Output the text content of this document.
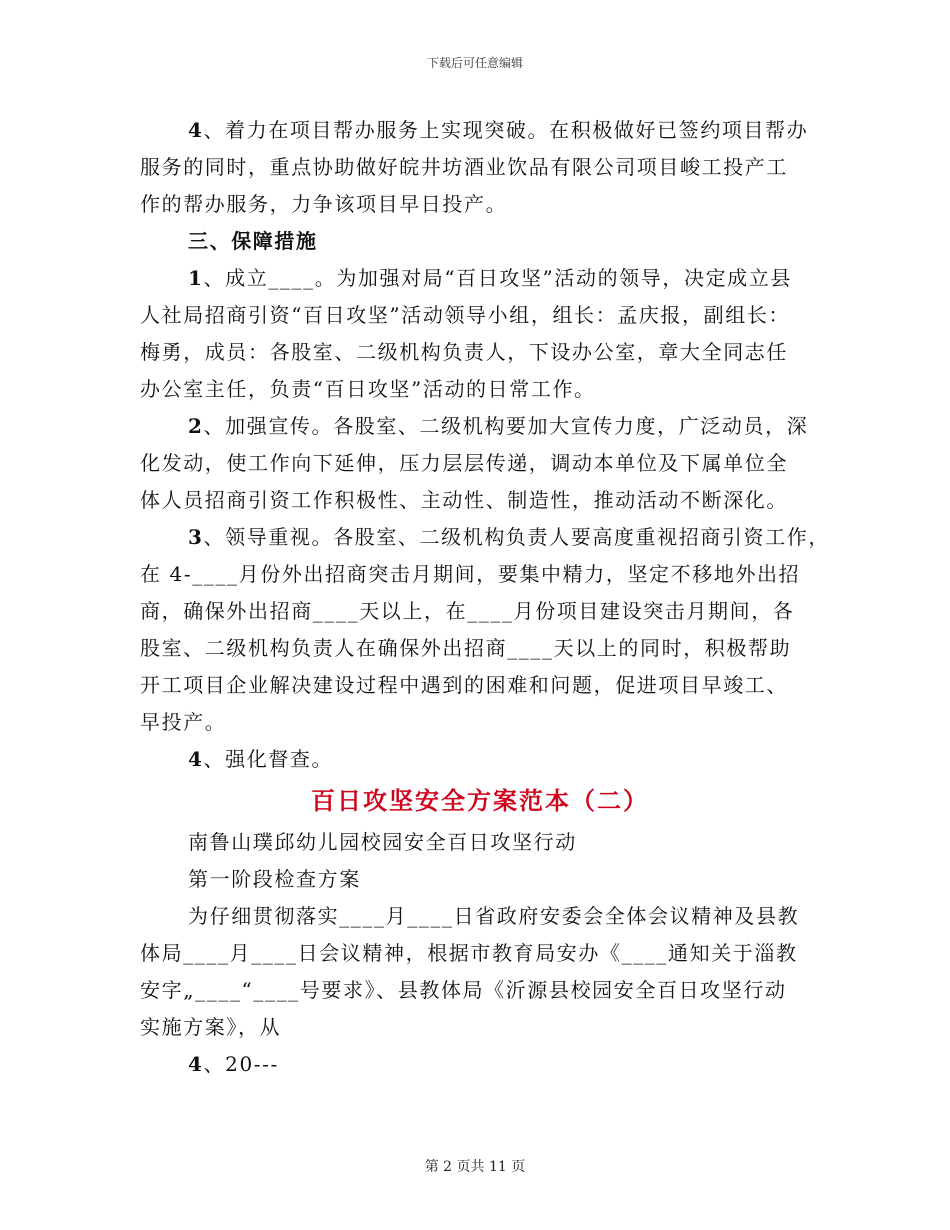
下载后可任意编辑
4、着力在项目帮办服务上实现突破。在积极做好已签约项目帮办
服务的同时，重点协助做好皖井坊酒业饮品有限公司项目峻工投产工
作的帮办服务，力争该项目早日投产。
三、保障措施
1、成立____。为加强对局“百日攻坚”活动的领导，决定成立县
人社局招商引资“百日攻坚”活动领导小组，组长：孟庆报，副组长：
梅勇，成员：各股室、二级机构负责人，下设办公室，章大全同志任
办公室主任，负责“百日攻坚”活动的日常工作。
2、加强宣传。各股室、二级机构要加大宣传力度，广泛动员，深
化发动，使工作向下延伸，压力层层传递，调动本单位及下属单位全
体人员招商引资工作积极性、主动性、制造性，推动活动不断深化。
3、领导重视。各股室、二级机构负责人要高度重视招商引资工作，
在 4-____月份外出招商突击月期间，要集中精力，坚定不移地外出招
商，确保外出招商____天以上，在____月份项目建设突击月期间，各
股室、二级机构负责人在确保外出招商____天以上的同时，积极帮助
开工项目企业解决建设过程中遇到的困难和问题，促进项目早竣工、
早投产。
4、强化督查。
百日攻坚安全方案范本（二）
南鲁山璞邱幼儿园校园安全百日攻坚行动
第一阶段检查方案
为仔细贯彻落实____月____日省政府安委会全体会议精神及县教
体局____月____日会议精神，根据市教育局安办《____通知关于淄教
安字„____“____号要求》、县教体局《沂源县校园安全百日攻坚行动
实施方案》，从
4、20---
第 2 页共 11 页
